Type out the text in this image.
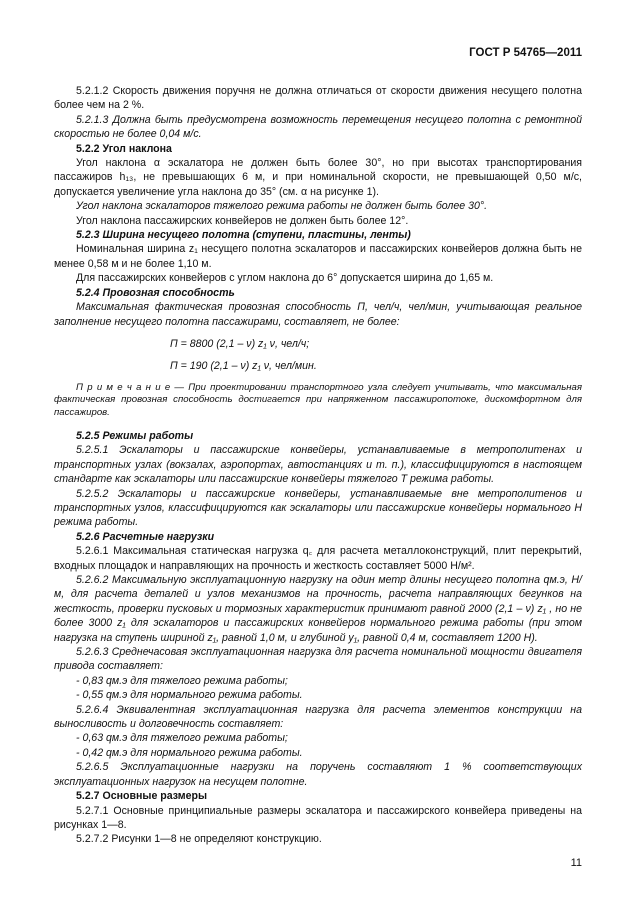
ГОСТ Р 54765—2011

5.2.1.2 Скорость движения поручня не должна отличаться от скорости движения несущего полотна более чем на 2 %.

5.2.1.3 Должна быть предусмотрена возможность перемещения несущего полотна с ремонтной скоростью не более 0,04 м/с.

5.2.2 Угол наклона

Угол наклона α эскалатора не должен быть более 30°, но при высотах транспортирования пассажиров h₁₃, не превышающих 6 м, и при номинальной скорости, не превышающей 0,50 м/с, допускается увеличение угла наклона до 35° (см. α на рисунке 1).

Угол наклона эскалаторов тяжелого режима работы не должен быть более 30°.

Угол наклона пассажирских конвейеров не должен быть более 12°.

5.2.3 Ширина несущего полотна (ступени, пластины, ленты)

Номинальная ширина z₁ несущего полотна эскалаторов и пассажирских конвейеров должна быть не менее 0,58 м и не более 1,10 м.

Для пассажирских конвейеров с углом наклона до 6° допускается ширина до 1,65 м.

5.2.4 Провозная способность

Максимальная фактическая провозная способность П, чел/ч, чел/мин, учитывающая реальное заполнение несущего полотна пассажирами, составляет, не более:

П = 8800 (2,1 – ν) z₁ ν, чел/ч;

П = 190 (2,1 – ν) z₁ ν, чел/мин.

П р и м е ч а н и е — При проектировании транспортного узла следует учитывать, что максимальная фактическая провозная способность достигается при напряженном пассажиропотоке, дискомфортном для пассажиров.

5.2.5 Режимы работы

5.2.5.1 Эскалаторы и пассажирские конвейеры, устанавливаемые в метрополитенах и транспортных узлах (вокзалах, аэропортах, автостанциях и т. п.), классифицируются в настоящем стандарте как эскалаторы или пассажирские конвейеры тяжелого Т режима работы.

5.2.5.2 Эскалаторы и пассажирские конвейеры, устанавливаемые вне метрополитенов и транспортных узлов, классифицируются как эскалаторы или пассажирские конвейеры нормального Н режима работы.

5.2.6 Расчетные нагрузки

5.2.6.1 Максимальная статическая нагрузка q꜀ для расчета металлоконструкций, плит перекрытий, входных площадок и направляющих на прочность и жесткость составляет 5000 Н/м².

5.2.6.2 Максимальную эксплуатационную нагрузку на один метр длины несущего полотна qм.э, Н/м, для расчета деталей и узлов механизмов на прочность, расчета направляющих бегунков на жесткость, проверки пусковых и тормозных характеристик принимают равной 2000 (2,1 – ν) z₁ , но не более 3000 z₁ для эскалаторов и пассажирских конвейеров нормального режима работы (при этом нагрузка на ступень шириной z₁, равной 1,0 м, и глубиной y₁, равной 0,4 м, составляет 1200 Н).

5.2.6.3 Среднечасовая эксплуатационная нагрузка для расчета номинальной мощности двигателя привода составляет:

- 0,83 qм.э для тяжелого режима работы;

- 0,55 qм.э для нормального режима работы.

5.2.6.4 Эквивалентная эксплуатационная нагрузка для расчета элементов конструкции на выносливость и долговечность составляет:

- 0,63 qм.э для тяжелого режима работы;

- 0,42 qм.э для нормального режима работы.

5.2.6.5 Эксплуатационные нагрузки на поручень составляют 1 % соответствующих эксплуатационных нагрузок на несущем полотне.

5.2.7 Основные размеры

5.2.7.1 Основные принципиальные размеры эскалатора и пассажирского конвейера приведены на рисунках 1—8.

5.2.7.2 Рисунки 1—8 не определяют конструкцию.

11
